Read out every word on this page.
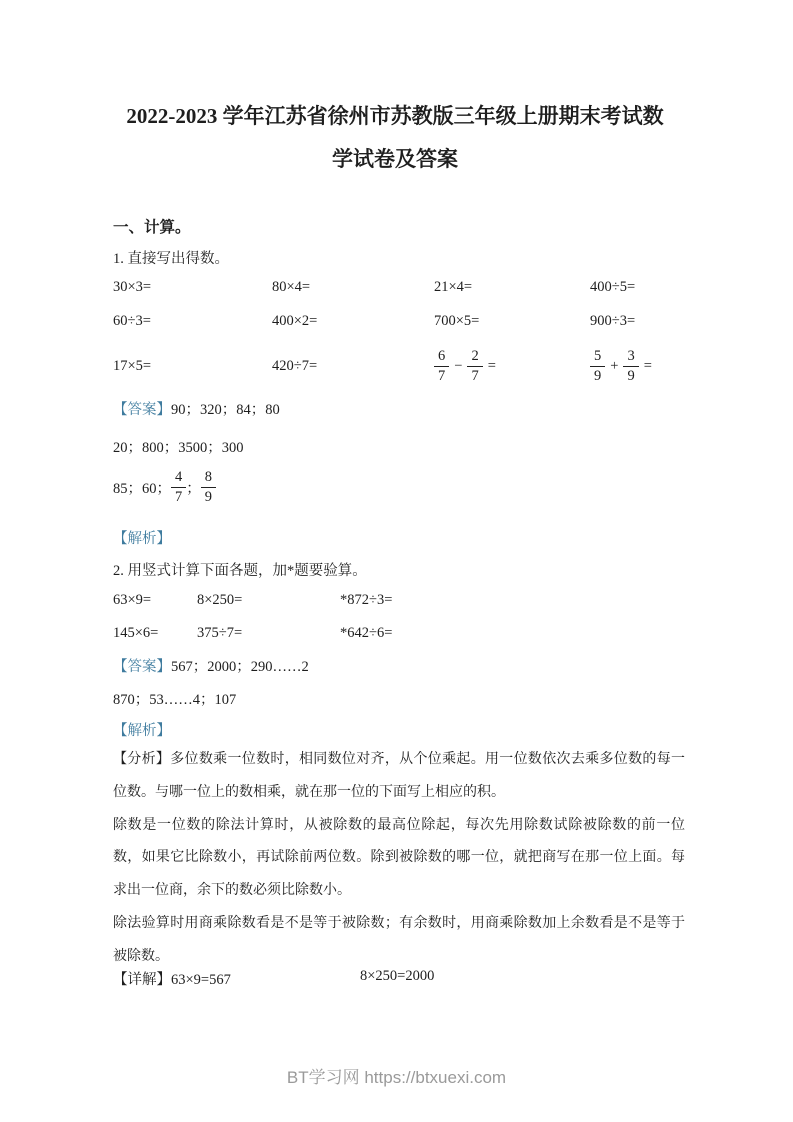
2022-2023 学年江苏省徐州市苏教版三年级上册期末考试数
学试卷及答案
一、计算。
1. 直接写出得数。
30×3=	80×4=	21×4=	400÷5=
60÷3=	400×2=	700×5=	900÷3=
17×5=	420÷7=	$\frac{6}{7} - \frac{2}{7}$ =	$\frac{5}{9} + \frac{3}{9}$ =
【答案】90；320；84；80
20；800；3500；300
85；60； $\frac{4}{7}$ ； $\frac{8}{9}$
【解析】
2. 用竖式计算下面各题，加*题要验算。
63×9=	8×250=	*872÷3=
145×6=	375÷7=	*642÷6=
【答案】567；2000；290……2
870；53……4；107
【解析】

【分析】多位数乘一位数时，相同数位对齐，从个位乘起。用一位数依次去乘多位数的每一位数。与哪一位上的数相乘，就在那一位的下面写上相应的积。

除数是一位数的除法计算时，从被除数的最高位除起，每次先用除数试除被除数的前一位数，如果它比除数小，再试除前两位数。除到被除数的哪一位，就把商写在那一位上面。每求出一位商，余下的数必须比除数小。

除法验算时用商乘除数看是不是等于被除数；有余数时，用商乘除数加上余数看是不是等于被除数。

【详解】63×9=567	8×250=2000
BT学习网 https://btxuexi.com
